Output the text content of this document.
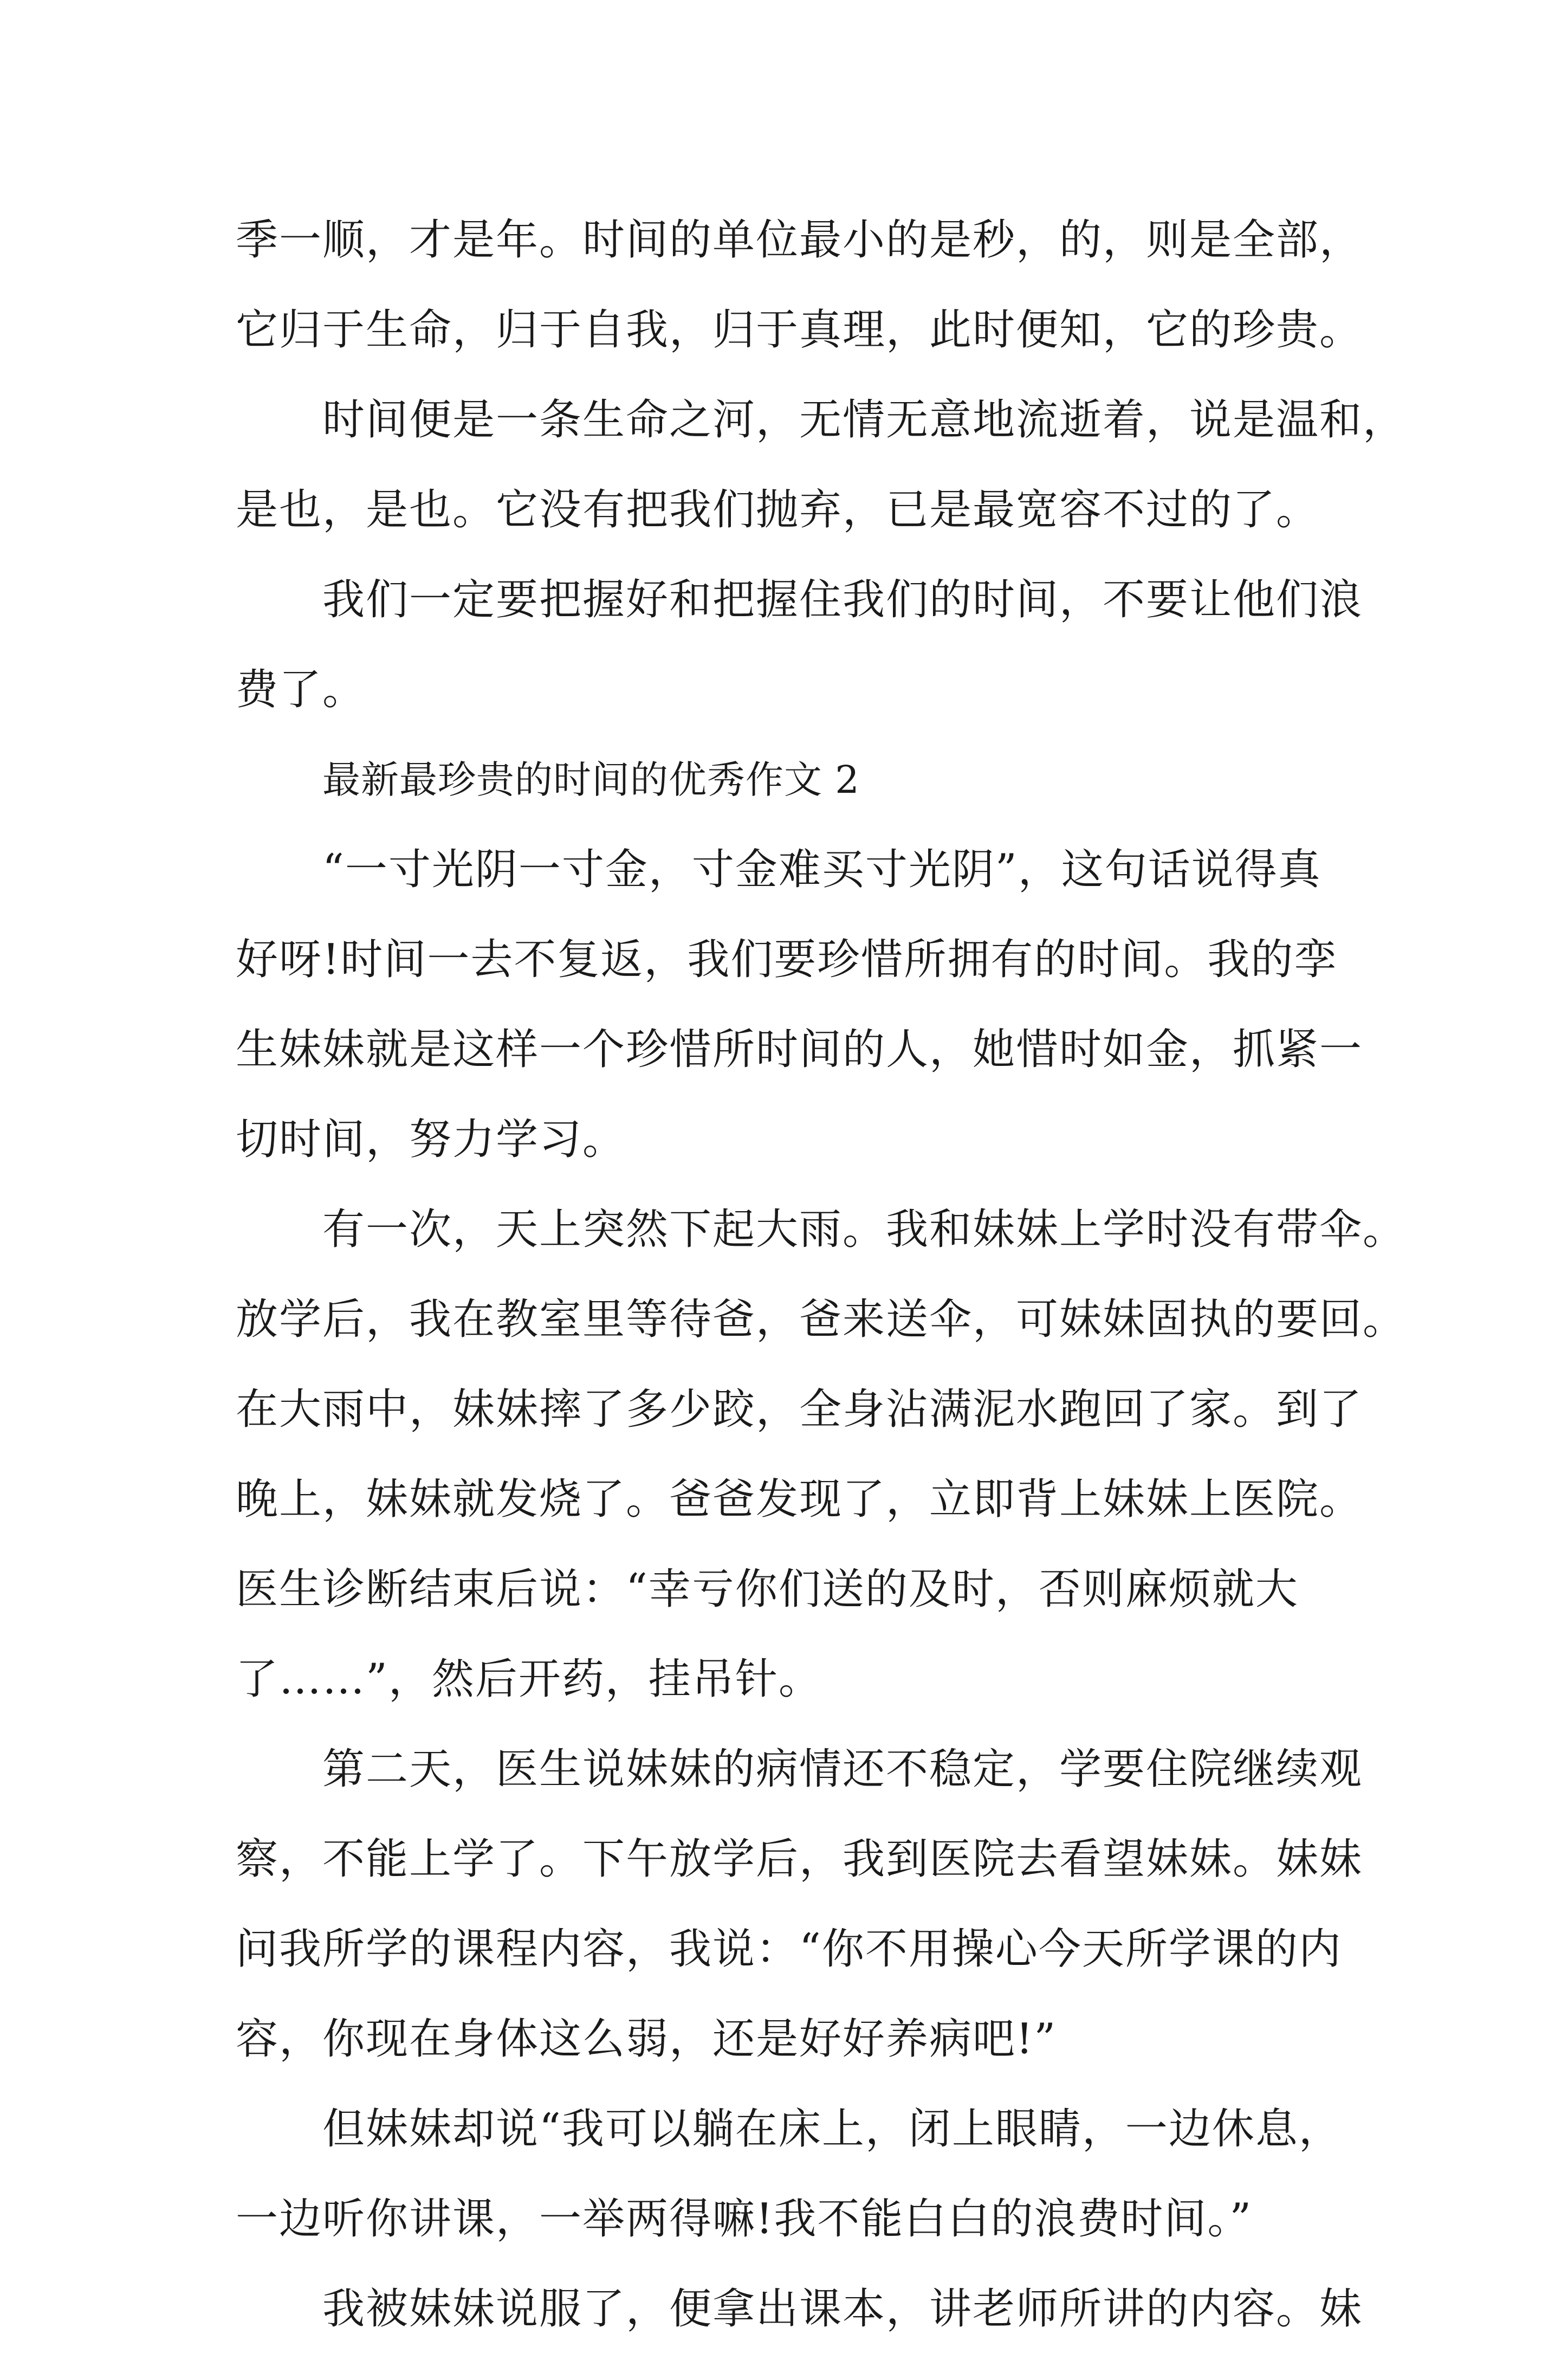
季一顺，才是年。时间的单位最小的是秒，的，则是全部，
它归于生命，归于自我，归于真理，此时便知，它的珍贵。
时间便是一条生命之河，无情无意地流逝着，说是温和，
是也，是也。它没有把我们抛弃，已是最宽容不过的了。
我们一定要把握好和把握住我们的时间，不要让他们浪
费了。
最新最珍贵的时间的优秀作文 2
“一寸光阴一寸金，寸金难买寸光阴”，这句话说得真
好呀!时间一去不复返，我们要珍惜所拥有的时间。我的孪
生妹妹就是这样一个珍惜所时间的人，她惜时如金，抓紧一
切时间，努力学习。
有一次，天上突然下起大雨。我和妹妹上学时没有带伞。
放学后，我在教室里等待爸，爸来送伞，可妹妹固执的要回。
在大雨中，妹妹摔了多少跤，全身沾满泥水跑回了家。到了
晚上，妹妹就发烧了。爸爸发现了，立即背上妹妹上医院。
医生诊断结束后说：“幸亏你们送的及时，否则麻烦就大
了……”，然后开药，挂吊针。
第二天，医生说妹妹的病情还不稳定，学要住院继续观
察，不能上学了。下午放学后，我到医院去看望妹妹。妹妹
问我所学的课程内容，我说：“你不用操心今天所学课的内
容，你现在身体这么弱，还是好好养病吧!”
但妹妹却说“我可以躺在床上，闭上眼睛，一边休息，
一边听你讲课，一举两得嘛!我不能白白的浪费时间。”
我被妹妹说服了，便拿出课本，讲老师所讲的内容。妹
